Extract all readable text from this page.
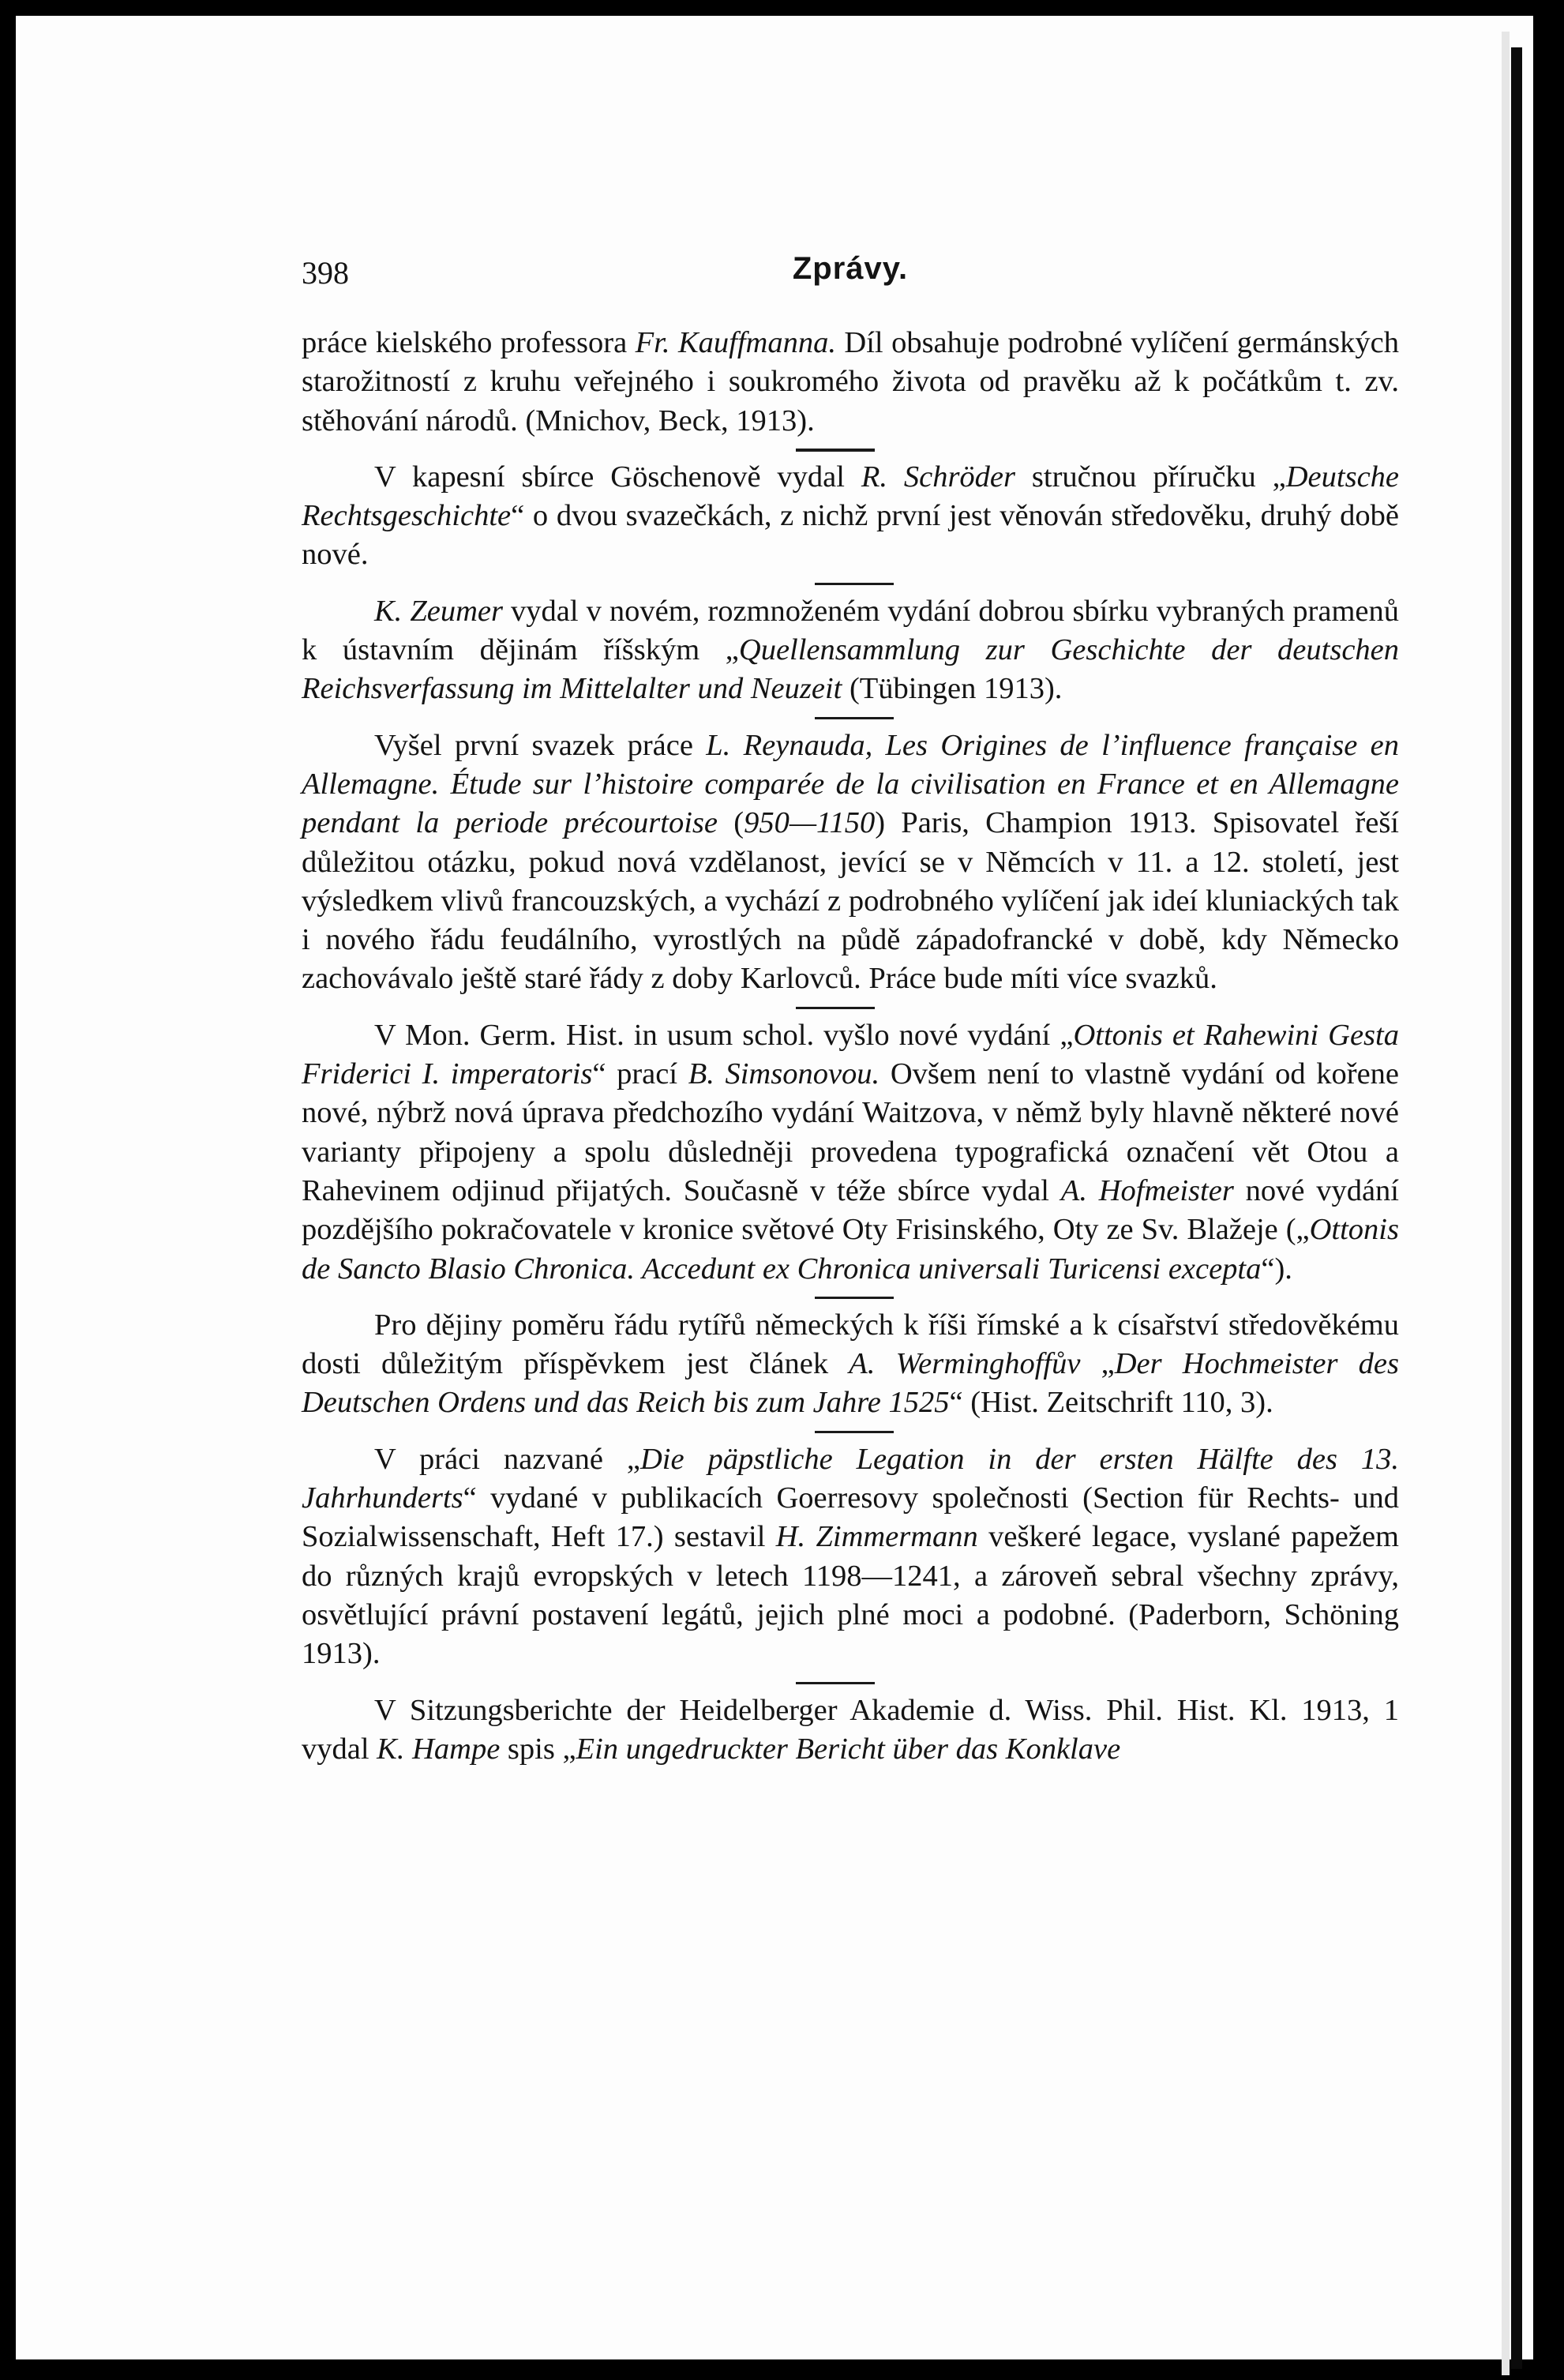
398	Zprávy.

práce kielského professora Fr. Kauffmanna. Díl obsahuje podrobné vylíčení germánských starožitností z kruhu veřejného i soukromého života od pravěku až k počátkům t. zv. stěhování národů. (Mnichov, Beck, 1913).

V kapesní sbírce Göschenově vydal R. Schröder stručnou příručku „Deutsche Rechtsgeschichte“ o dvou svazečkách, z nichž první jest věnován středověku, druhý době nové.

K. Zeumer vydal v novém, rozmnoženém vydání dobrou sbírku vybraných pramenů k ústavním dějinám říšským „Quellensammlung zur Geschichte der deutschen Reichsverfassung im Mittelalter und Neuzeit (Tübingen 1913).

Vyšel první svazek práce L. Reynauda, Les Origines de l’influence française en Allemagne. Étude sur l’histoire comparée de la civilisation en France et en Allemagne pendant la periode précourtoise (950—1150) Paris, Champion 1913. Spisovatel řeší důležitou otázku, pokud nová vzdělanost, jevící se v Němcích v 11. a 12. století, jest výsledkem vlivů francouzských, a vychází z podrobného vylíčení jak ideí kluniackých tak i nového řádu feudálního, vyrostlých na půdě západofrancké v době, kdy Německo zachovávalo ještě staré řády z doby Karlovců. Práce bude míti více svazků.

V Mon. Germ. Hist. in usum schol. vyšlo nové vydání „Ottonis et Rahewini Gesta Friderici I. imperatoris“ prací B. Simsonovou. Ovšem není to vlastně vydání od kořene nové, nýbrž nová úprava předchozího vydání Waitzova, v němž byly hlavně některé nové varianty připojeny a spolu důsledněji provedena typografická označení vět Otou a Rahevinem odjinud přijatých. Současně v téže sbírce vydal A. Hofmeister nové vydání pozdějšího pokračovatele v kronice světové Oty Frisinského, Oty ze Sv. Blažeje („Ottonis de Sancto Blasio Chronica. Accedunt ex Chronica universali Turicensi excepta“).

Pro dějiny poměru řádu rytířů německých k říši římské a k císařství středověkému dosti důležitým příspěvkem jest článek A. Werminghoffův „Der Hochmeister des Deutschen Ordens und das Reich bis zum Jahre 1525“ (Hist. Zeitschrift 110, 3).

V práci nazvané „Die päpstliche Legation in der ersten Hälfte des 13. Jahrhunderts“ vydané v publikacích Goerresovy společnosti (Section für Rechts- und Sozialwissenschaft, Heft 17.) sestavil H. Zimmermann veškeré legace, vyslané papežem do různých krajů evropských v letech 1198—1241, a zároveň sebral všechny zprávy, osvětlující právní postavení legátů, jejich plné moci a podobné. (Paderborn, Schöning 1913).

V Sitzungsberichte der Heidelberger Akademie d. Wiss. Phil. Hist. Kl. 1913, 1 vydal K. Hampe spis „Ein ungedruckter Bericht über das Konklave
